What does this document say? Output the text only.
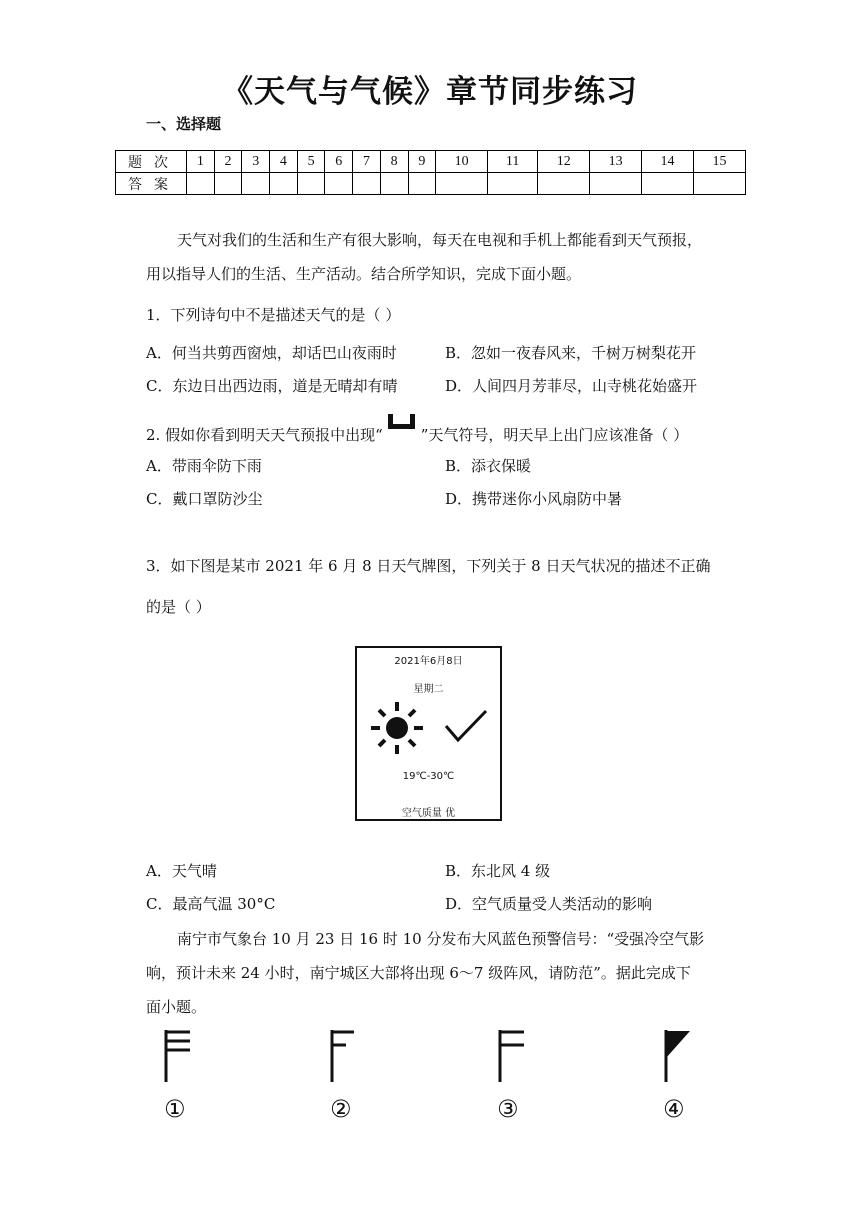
《天气与气候》章节同步练习
一、选择题
题次	1	2	3	4	5	6	7	8	9	10	11	12	13	14	15
答案															
天气对我们的生活和生产有很大影响，每天在电视和手机上都能看到天气预报，
用以指导人们的生活、生产活动。结合所学知识，完成下面小题。
1．下列诗句中不是描述天气的是（ ）
A．何当共剪西窗烛，却话巴山夜雨时	B．忽如一夜春风来，千树万树梨花开
C．东边日出西边雨，道是无晴却有晴	D．人间四月芳菲尽，山寺桃花始盛开
2. 假如你看到明天天气预报中出现“	”天气符号，明天早上出门应该准备（ ）
A．带雨伞防下雨	B．添衣保暖
C．戴口罩防沙尘	D．携带迷你小风扇防中暑
3．如下图是某市 2021 年 6 月 8 日天气牌图，下列关于 8 日天气状况的描述不正确
的是（ ）
2021年6月8日
星期二
19℃-30℃
空气质量 优
A．天气晴	B．东北风 4 级
C．最高气温 30°C	D．空气质量受人类活动的影响
南宁市气象台 10 月 23 日 16 时 10 分发布大风蓝色预警信号：“受强冷空气影
响，预计未来 24 小时，南宁城区大部将出现 6～7 级阵风，请防范”。据此完成下
面小题。
①	②	③	④
